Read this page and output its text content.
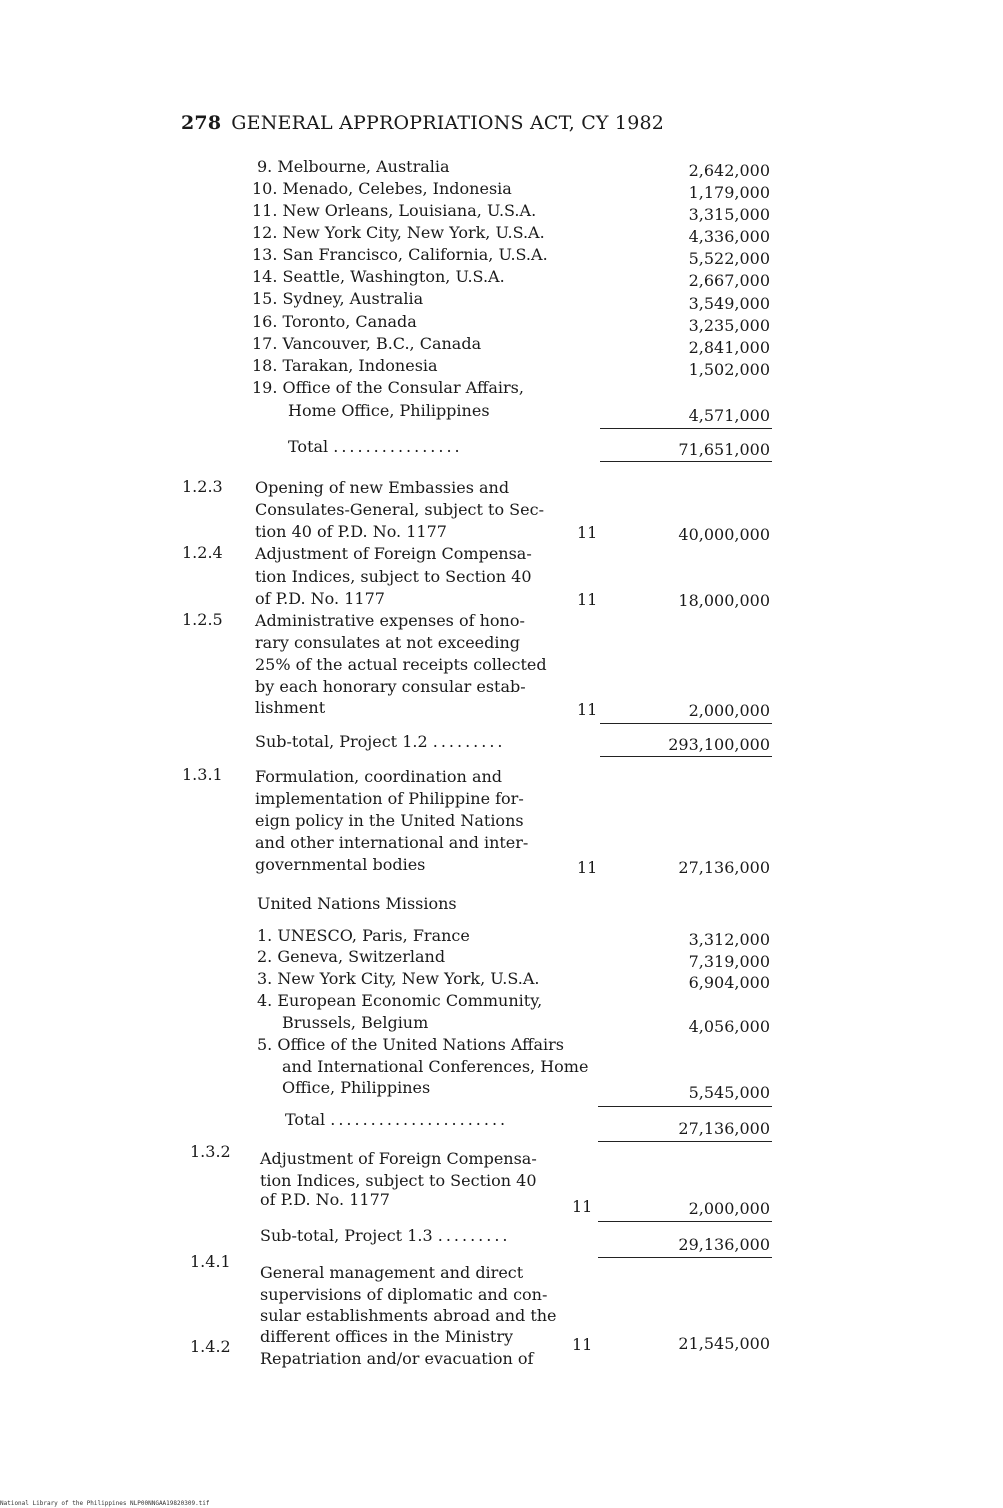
278 GENERAL APPROPRIATIONS ACT, CY 1982
9. Melbourne, Australia	2,642,000
10. Menado, Celebes, Indonesia	1,179,000
11. New Orleans, Louisiana, U.S.A.	3,315,000
12. New York City, New York, U.S.A.	4,336,000
13. San Francisco, California, U.S.A.	5,522,000
14. Seattle, Washington, U.S.A.	2,667,000
15. Sydney, Australia	3,549,000
16. Toronto, Canada	3,235,000
17. Vancouver, B.C., Canada	2,841,000
18. Tarakan, Indonesia	1,502,000
19. Office of the Consular Affairs,
Home Office, Philippines	4,571,000
Total ................	71,651,000
1.2.3 Opening of new Embassies and
Consulates-General, subject to Sec-
tion 40 of P.D. No. 1177	11	40,000,000
1.2.4 Adjustment of Foreign Compensa-
tion Indices, subject to Section 40
of P.D. No. 1177	11	18,000,000
1.2.5 Administrative expenses of hono-
rary consulates at not exceeding
25% of the actual receipts collected
by each honorary consular estab-
lishment	11	2,000,000
Sub-total, Project 1.2 .........	293,100,000
1.3.1 Formulation, coordination and
implementation of Philippine for-
eign policy in the United Nations
and other international and inter-
governmental bodies	11	27,136,000
United Nations Missions
1. UNESCO, Paris, France	3,312,000
2. Geneva, Switzerland	7,319,000
3. New York City, New York, U.S.A.	6,904,000
4. European Economic Community,
Brussels, Belgium	4,056,000
5. Office of the United Nations Affairs
and International Conferences, Home
Office, Philippines	5,545,000
Total ......................	27,136,000
1.3.2 Adjustment of Foreign Compensa-
tion Indices, subject to Section 40
of P.D. No. 1177	11	2,000,000
Sub-total, Project 1.3 .........	29,136,000
1.4.1
General management and direct
supervisions of diplomatic and con-
sular establishments abroad and the
different offices in the Ministry	11	21,545,000
1.4.2
Repatriation and/or evacuation of
National Library of the Philippines NLP00NNGAA19820309.tif
